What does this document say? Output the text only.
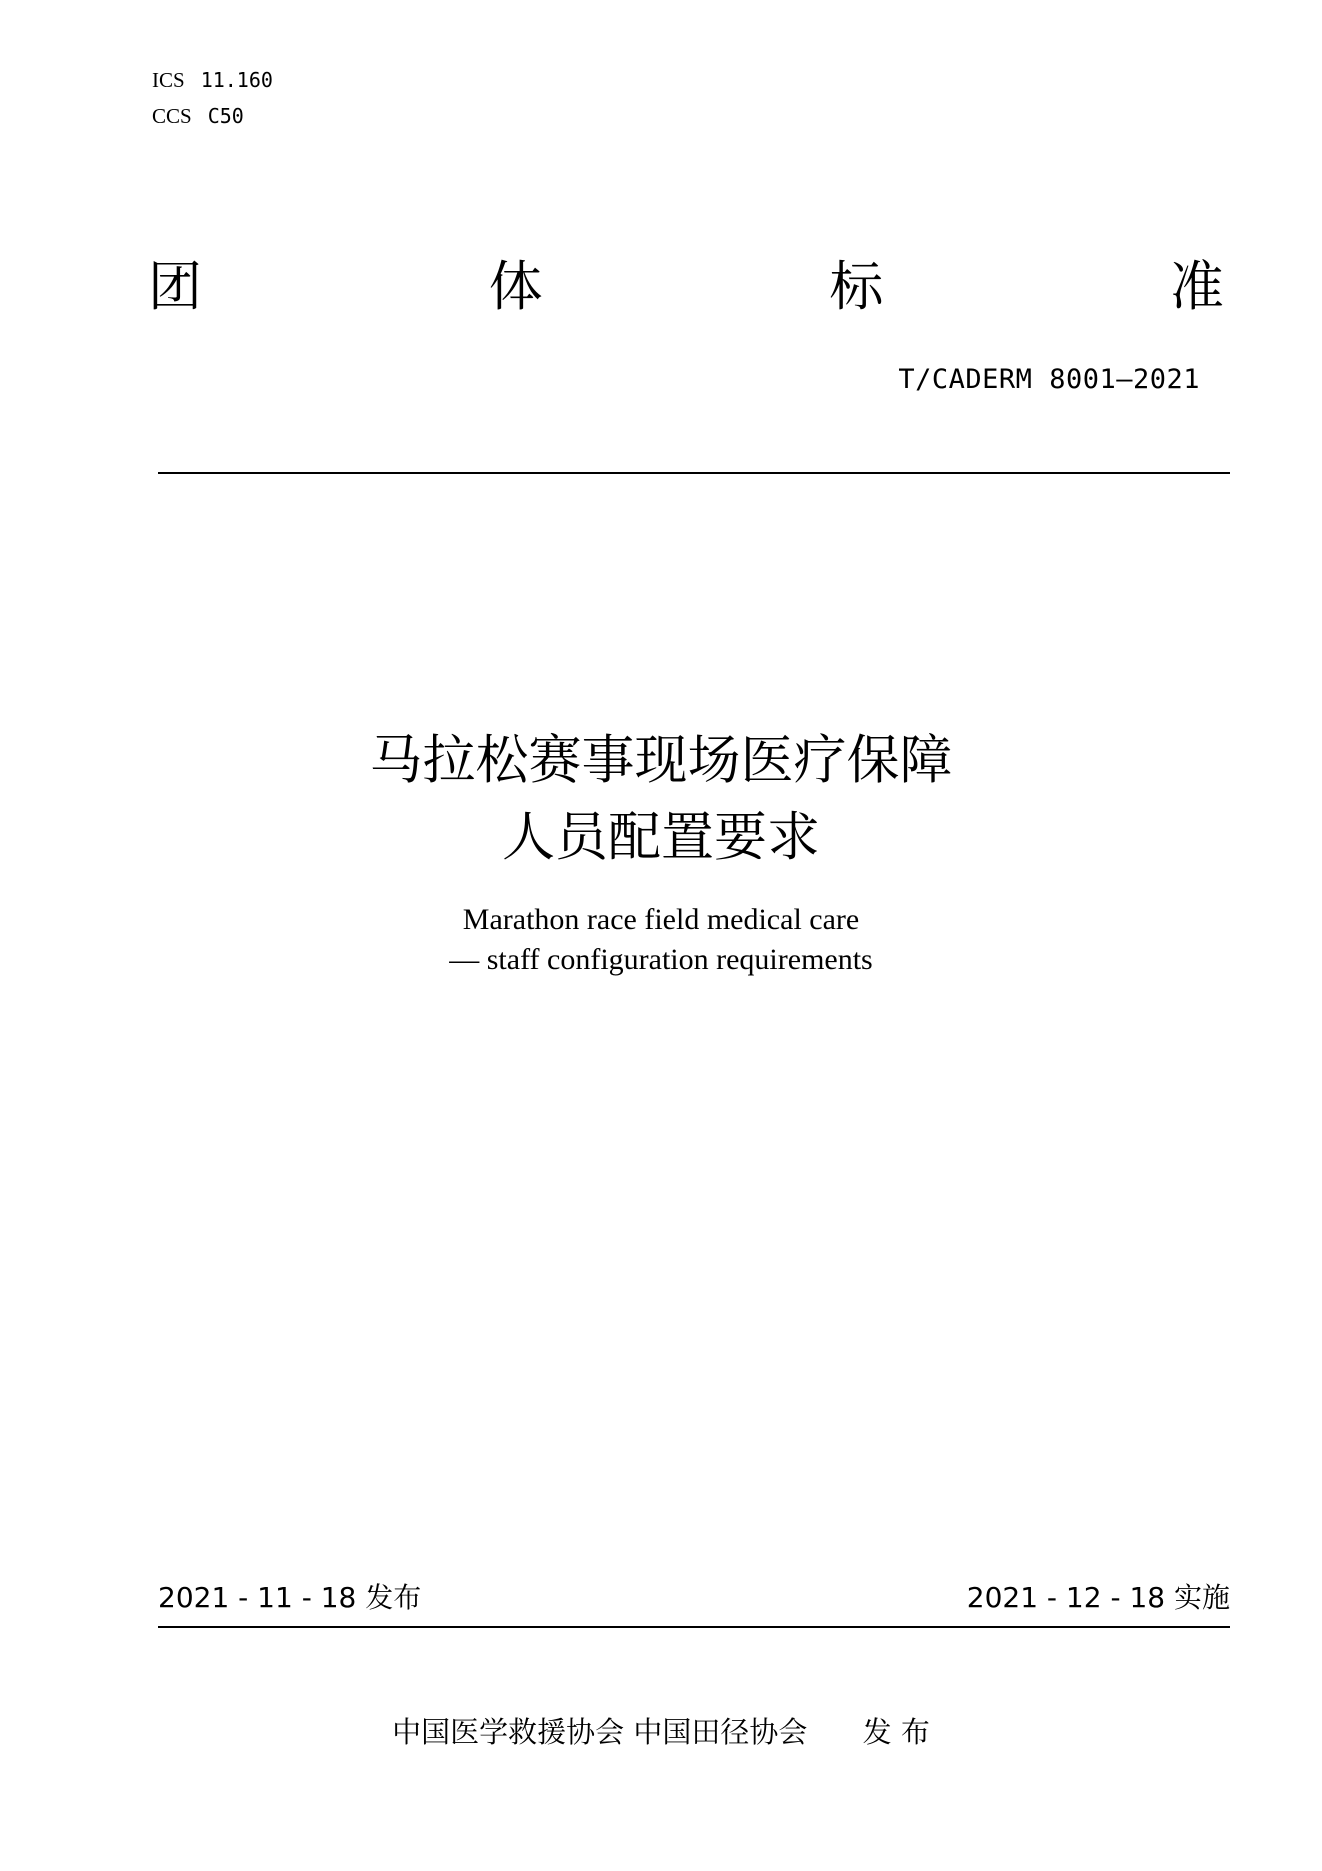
ICS 11.160
CCS C50
团	体	标	准
T/CADERM 8001—2021
马拉松赛事现场医疗保障
人员配置要求
Marathon race field medical care
— staff configuration requirements
2021 - 11 - 18 发布	2021 - 12 - 18 实施
中国医学救援协会 中国田径协会      发 布
